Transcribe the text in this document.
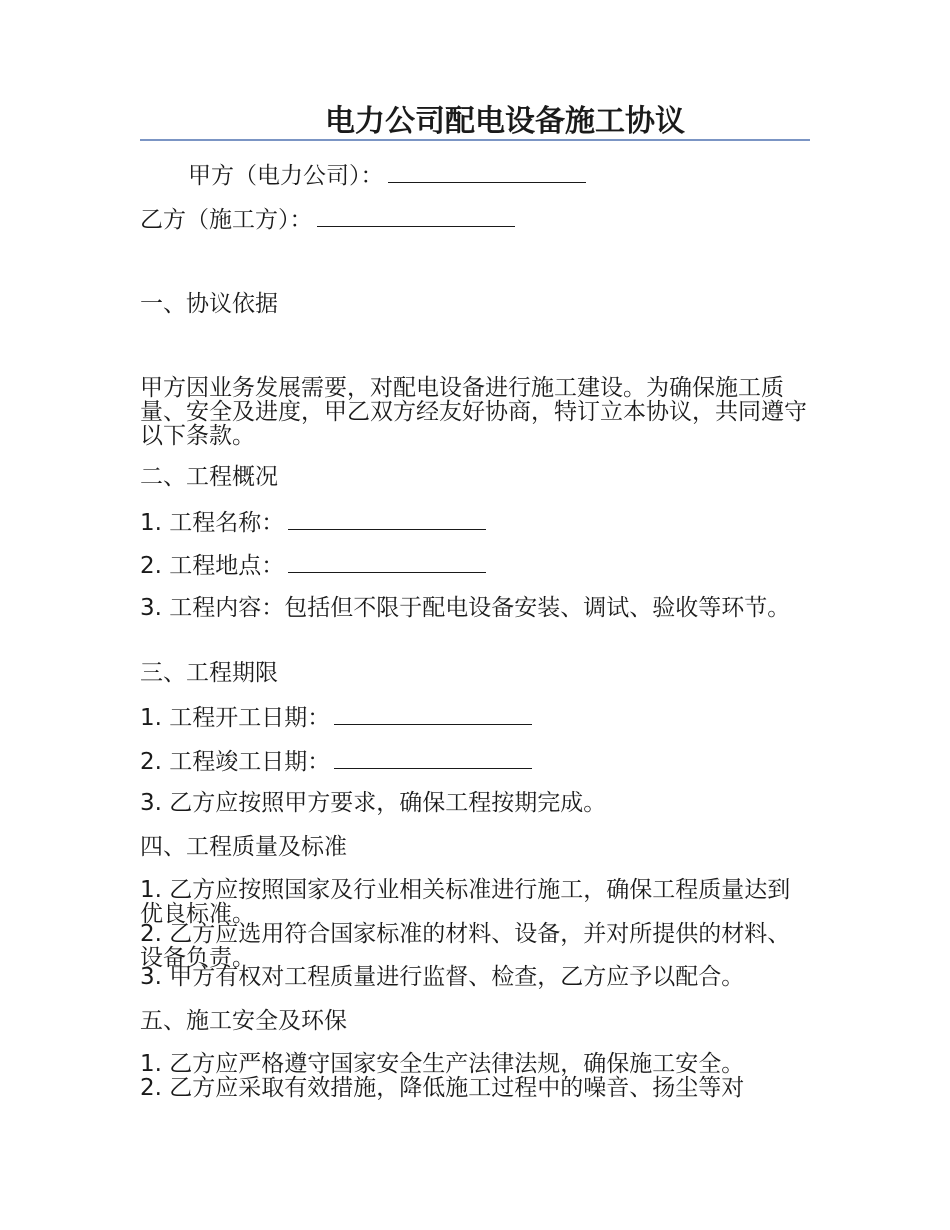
电力公司配电设备施工协议
甲方（电力公司）：
乙方（施工方）：
一、协议依据

甲方因业务发展需要，对配电设备进行施工建设。为确保施工质量、安全及进度，甲乙双方经友好协商，特订立本协议，共同遵守以下条款。

二、工程概况
1. 工程名称：
2. 工程地点：

3. 工程内容：包括但不限于配电设备安装、调试、验收等环节。

三、工程期限
1. 工程开工日期：
2. 工程竣工日期：
3. 乙方应按照甲方要求，确保工程按期完成。
四、工程质量及标准

1. 乙方应按照国家及行业相关标准进行施工，确保工程质量达到优良标准。

2. 乙方应选用符合国家标准的材料、设备，并对所提供的材料、设备负责。

3. 甲方有权对工程质量进行监督、检查，乙方应予以配合。
五、施工安全及环保
1. 乙方应严格遵守国家安全生产法律法规，确保施工安全。
2. 乙方应采取有效措施，降低施工过程中的噪音、扬尘等对
